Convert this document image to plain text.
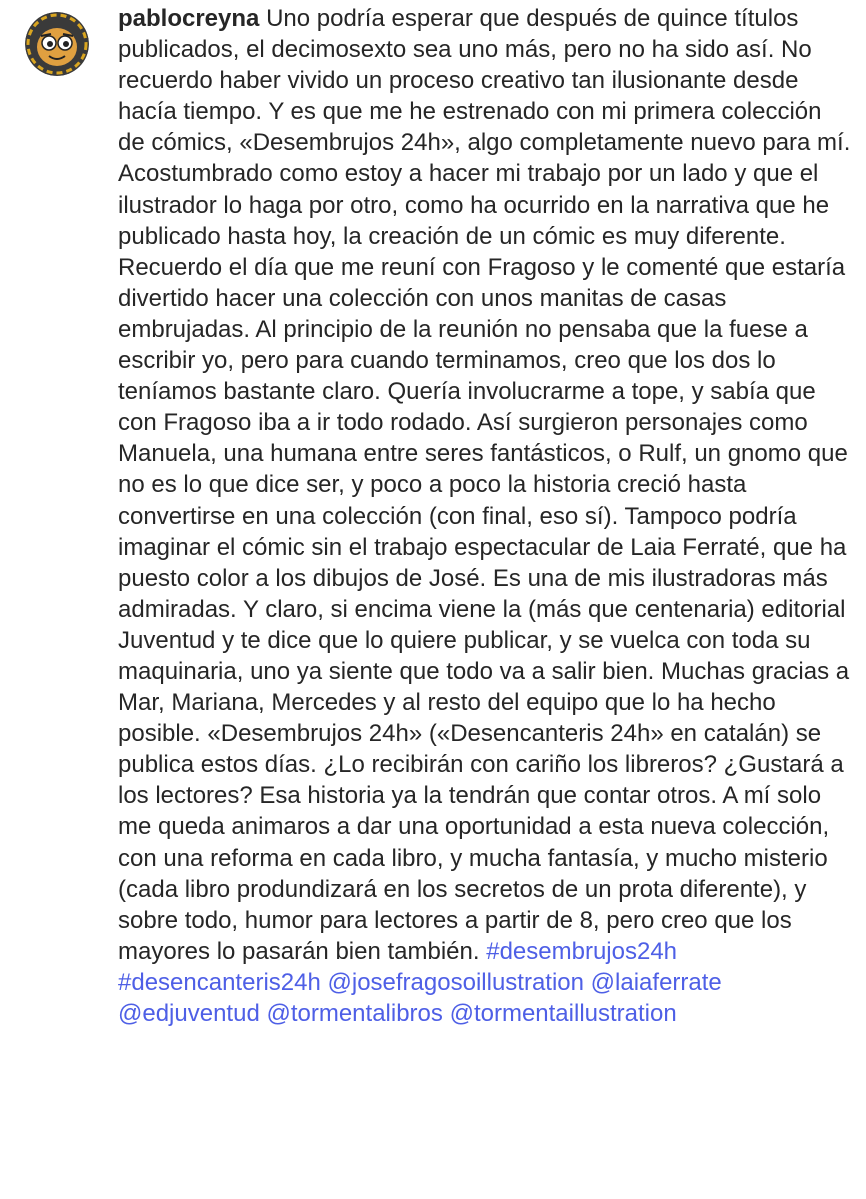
pablocreyna Uno podría esperar que después de quince títulos publicados, el decimosexto sea uno más, pero no ha sido así. No recuerdo haber vivido un proceso creativo tan ilusionante desde hacía tiempo. Y es que me he estrenado con mi primera colección de cómics, «Desembrujos 24h», algo completamente nuevo para mí. Acostumbrado como estoy a hacer mi trabajo por un lado y que el ilustrador lo haga por otro, como ha ocurrido en la narrativa que he publicado hasta hoy, la creación de un cómic es muy diferente. Recuerdo el día que me reuní con Fragoso y le comenté que estaría divertido hacer una colección con unos manitas de casas embrujadas. Al principio de la reunión no pensaba que la fuese a escribir yo, pero para cuando terminamos, creo que los dos lo teníamos bastante claro. Quería involucrarme a tope, y sabía que con Fragoso iba a ir todo rodado. Así surgieron personajes como Manuela, una humana entre seres fantásticos, o Rulf, un gnomo que no es lo que dice ser, y poco a poco la historia creció hasta convertirse en una colección (con final, eso sí). Tampoco podría imaginar el cómic sin el trabajo espectacular de Laia Ferraté, que ha puesto color a los dibujos de José. Es una de mis ilustradoras más admiradas. Y claro, si encima viene la (más que centenaria) editorial Juventud y te dice que lo quiere publicar, y se vuelca con toda su maquinaria, uno ya siente que todo va a salir bien. Muchas gracias a Mar, Mariana, Mercedes y al resto del equipo que lo ha hecho posible. «Desembrujos 24h» («Desencanteris 24h» en catalán) se publica estos días. ¿Lo recibirán con cariño los libreros? ¿Gustará a los lectores? Esa historia ya la tendrán que contar otros. A mí solo me queda animaros a dar una oportunidad a esta nueva colección, con una reforma en cada libro, y mucha fantasía, y mucho misterio (cada libro produndizará en los secretos de un prota diferente), y sobre todo, humor para lectores a partir de 8, pero creo que los mayores lo pasarán bien también. #desembrujos24h #desencanteris24h @josefragosoillustration @laiaferrate @edjuventud @tormentalibros @tormentaillustration
